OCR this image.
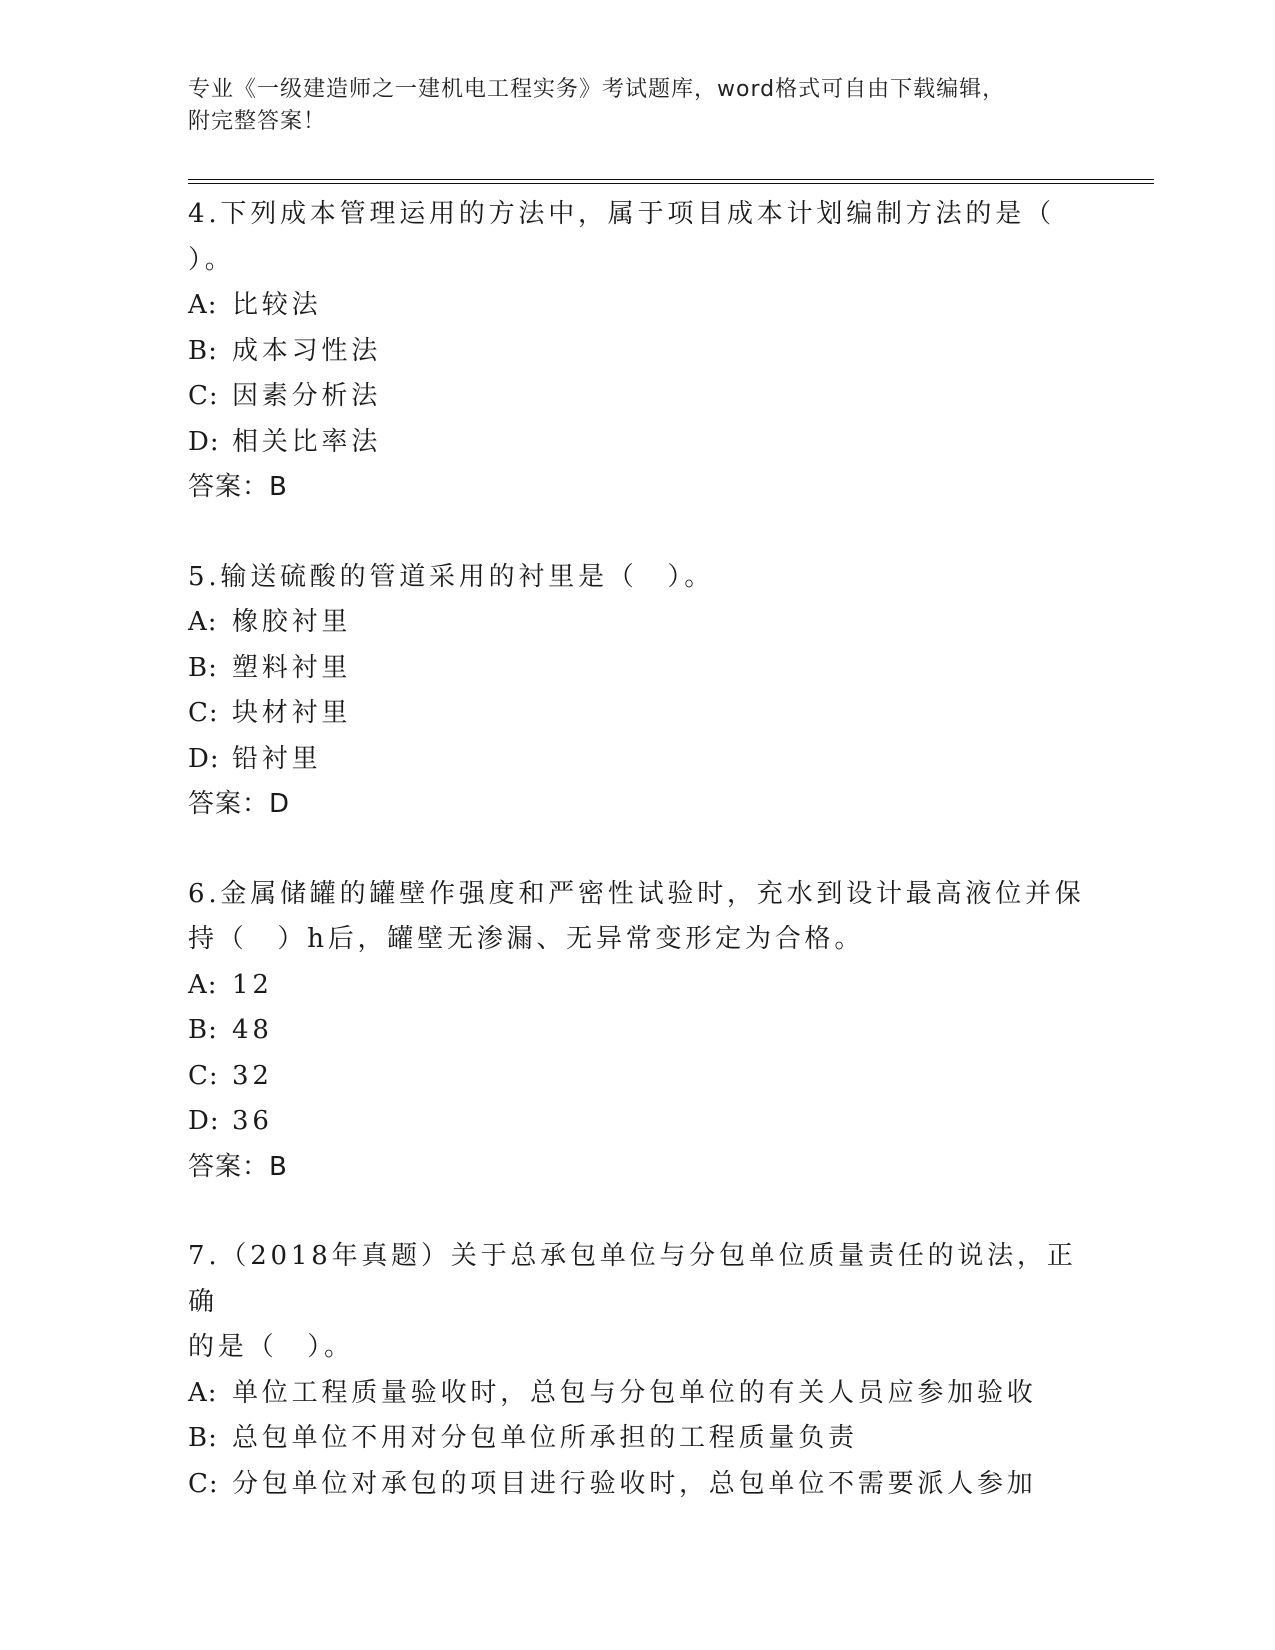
专业《一级建造师之一建机电工程实务》考试题库，word格式可自由下载编辑，
附完整答案！

4.下列成本管理运用的方法中，属于项目成本计划编制方法的是（

）。

A: 比较法

B: 成本习性法

C: 因素分析法

D: 相关比率法

答案：B

5.输送硫酸的管道采用的衬里是（　）。

A: 橡胶衬里

B: 塑料衬里

C: 块材衬里

D: 铅衬里

答案：D

6.金属储罐的罐壁作强度和严密性试验时，充水到设计最高液位并保

持（　）h后，罐壁无渗漏、无异常变形定为合格。

A: 12

B: 48

C: 32

D: 36

答案：B

7.（2018年真题）关于总承包单位与分包单位质量责任的说法，正确

的是（　）。

A: 单位工程质量验收时，总包与分包单位的有关人员应参加验收

B: 总包单位不用对分包单位所承担的工程质量负责

C: 分包单位对承包的项目进行验收时，总包单位不需要派人参加
